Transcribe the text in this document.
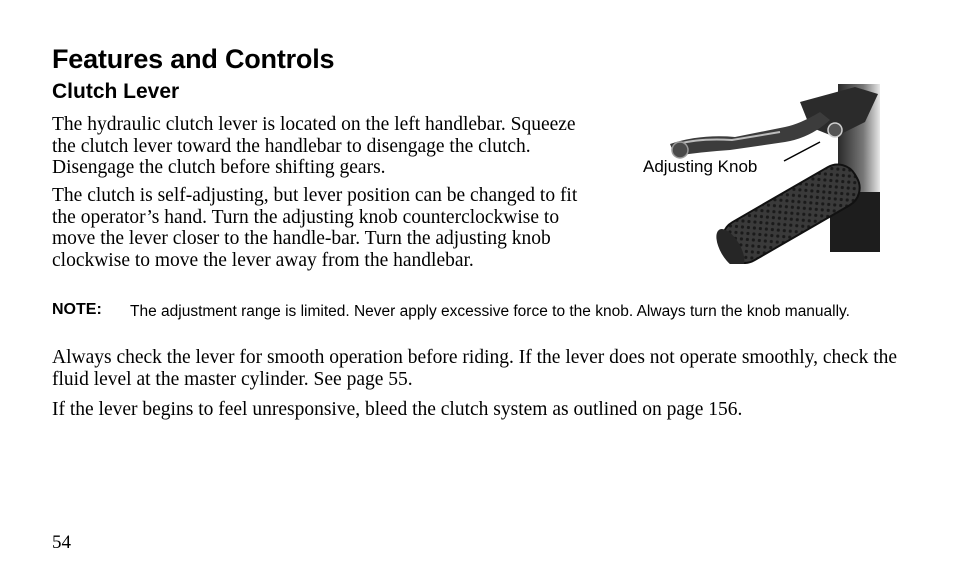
Features and Controls
Clutch Lever

The hydraulic clutch lever is located on the left handlebar. Squeeze the clutch lever toward the handlebar to disengage the clutch. Disengage the clutch before shifting gears.

The clutch is self-adjusting, but lever position can be changed to fit the operator’s hand. Turn the adjusting knob counterclockwise to move the lever closer to the handle-bar. Turn the adjusting knob clockwise to move the lever away from the handlebar.

NOTE: The adjustment range is limited. Never apply excessive force to the knob. Always turn the knob manually.

Always check the lever for smooth operation before riding. If the lever does not operate smoothly, check the fluid level at the master cylinder. See page 55.

If the lever begins to feel unresponsive, bleed the clutch system as outlined on page 156.

Adjusting Knob
54
